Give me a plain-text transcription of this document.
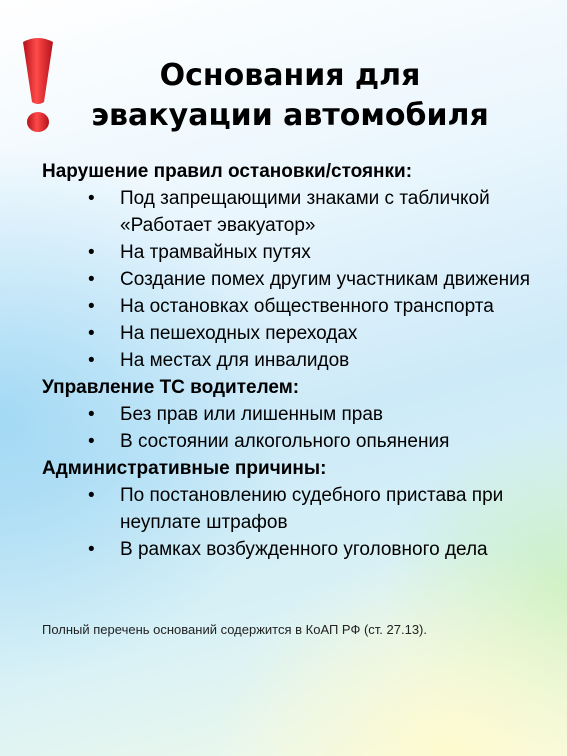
Основания для эвакуации автомобиля
Нарушение правил остановки/стоянки:
• Под запрещающими знаками с табличкой «Работает эвакуатор»
• На трамвайных путях
• Создание помех другим участникам движения
• На остановках общественного транспорта
• На пешеходных переходах
• На местах для инвалидов
Управление ТС водителем:
• Без прав или лишенным прав
• В состоянии алкогольного опьянения
Административные причины:
• По постановлению судебного пристава при неуплате штрафов
• В рамках возбужденного уголовного дела
Полный перечень оснований содержится в КоАП РФ (ст. 27.13).
